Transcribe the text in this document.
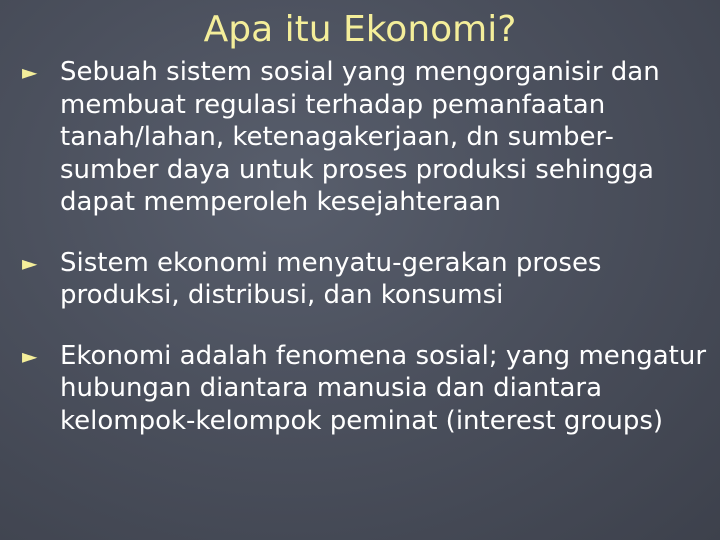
Apa itu Ekonomi?
► Sebuah sistem sosial yang mengorganisir dan membuat regulasi terhadap pemanfaatan tanah/lahan, ketenagakerjaan, dn sumber-sumber daya untuk proses produksi sehingga dapat memperoleh kesejahteraan
► Sistem ekonomi menyatu-gerakan proses produksi, distribusi, dan konsumsi
► Ekonomi adalah fenomena sosial; yang mengatur hubungan diantara manusia dan diantara kelompok-kelompok peminat (interest groups)
